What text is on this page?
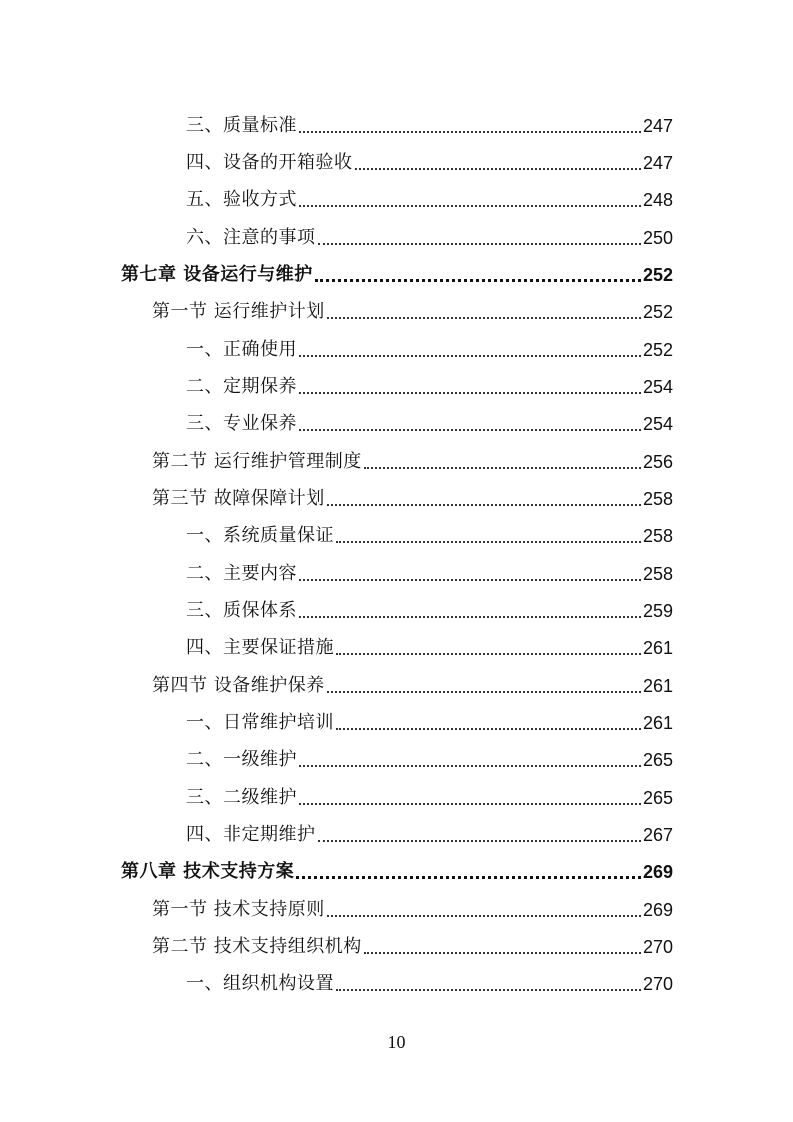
三、质量标准	247
四、设备的开箱验收	247
五、验收方式	248
六、注意的事项	250
第七章 设备运行与维护	252
第一节 运行维护计划	252
一、正确使用	252
二、定期保养	254
三、专业保养	254
第二节 运行维护管理制度	256
第三节 故障保障计划	258
一、系统质量保证	258
二、主要内容	258
三、质保体系	259
四、主要保证措施	261
第四节 设备维护保养	261
一、日常维护培训	261
二、一级维护	265
三、二级维护	265
四、非定期维护	267
第八章 技术支持方案	269
第一节 技术支持原则	269
第二节 技术支持组织机构	270
一、组织机构设置	270
10
